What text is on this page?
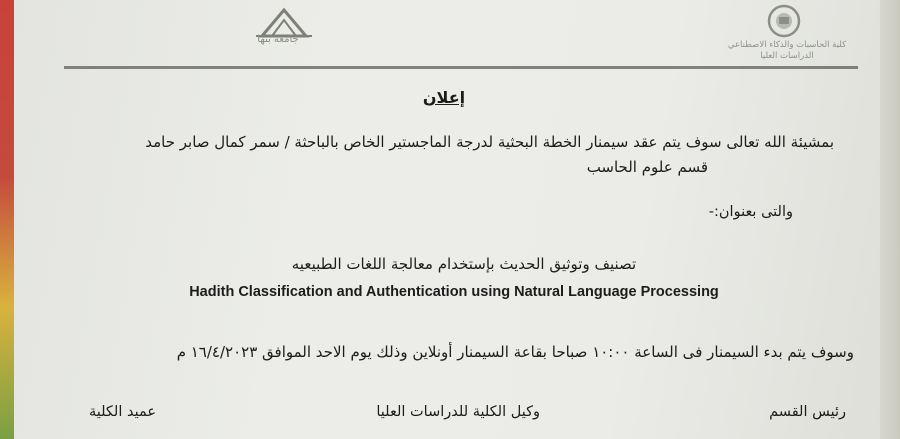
جامعة بنها	كلية الحاسبات والذكاء الاصطناعي
الدراسات العليا
إعلان
بمشيئة الله تعالى سوف يتم عقد سيمنار الخطة البحثية لدرجة الماجستير الخاص بالباحثة / سمر كمال صابر حامد
قسم علوم الحاسب
والتى بعنوان:-
تصنيف وتوثيق الحديث بإستخدام معالجة اللغات الطبيعيه
Hadith Classification and Authentication using Natural Language Processing
وسوف يتم بدء السيمنار فى الساعة ١٠:٠٠ صباحا بقاعة السيمنار أونلاين وذلك يوم الاحد الموافق ١٦/٤/٢٠٢٣ م
رئيس القسم
وكيل الكلية للدراسات العليا
عميد الكلية
